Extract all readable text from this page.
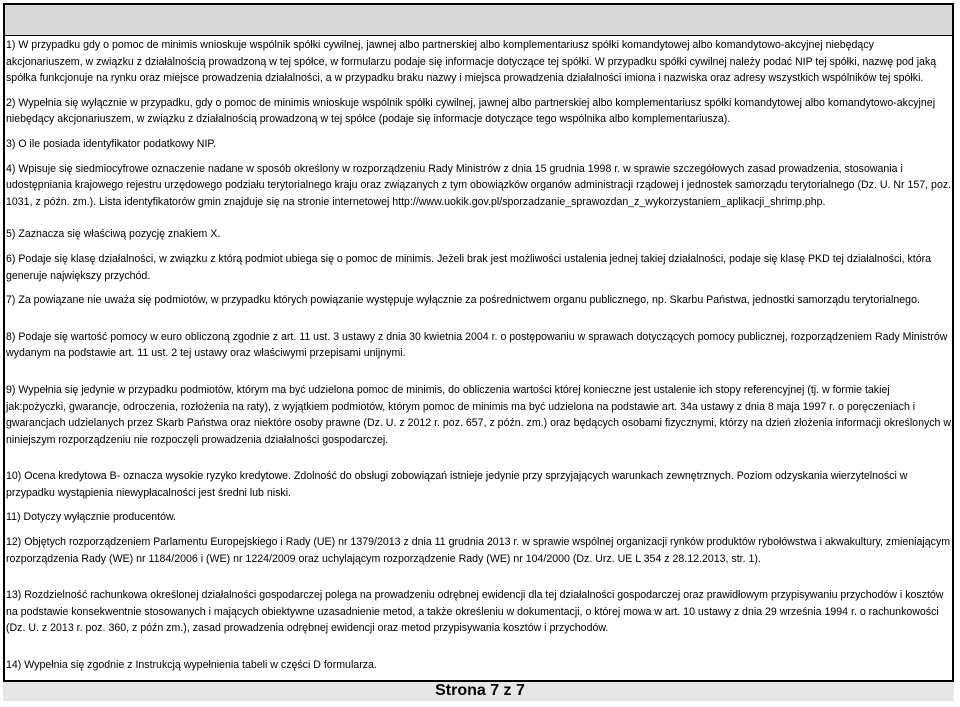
1) W przypadku gdy o pomoc de minimis wnioskuje wspólnik spółki cywilnej, jawnej albo partnerskiej albo komplementariusz spółki komandytowej albo komandytowo-akcyjnej niebędący akcjonariuszem, w związku z działalnością prowadzoną w tej spółce, w formularzu podaje się informacje dotyczące tej spółki. W przypadku spółki cywilnej należy podać NIP tej spółki, nazwę pod jaką spółka funkcjonuje na rynku oraz miejsce prowadzenia działalności, a w przypadku braku nazwy i miejsca prowadzenia działalności imiona i nazwiska oraz adresy wszystkich wspólników tej spółki.

2) Wypełnia się wyłącznie w przypadku, gdy o pomoc de minimis wnioskuje wspólnik spółki cywilnej, jawnej albo partnerskiej albo komplementariusz spółki komandytowej albo komandytowo-akcyjnej niebędący akcjonariuszem, w związku z działalnością prowadzoną w tej spółce (podaje się informacje dotyczące tego wspólnika albo komplementariusza).

3) O ile posiada identyfikator podatkowy NIP.

4) Wpisuje się siedmiocyfrowe oznaczenie nadane w sposób określony w rozporządzeniu Rady Ministrów z dnia 15 grudnia 1998 r. w sprawie szczegółowych zasad prowadzenia, stosowania i udostępniania krajowego rejestru urzędowego podziału terytorialnego kraju oraz związanych z tym obowiązków organów administracji rządowej i jednostek samorządu terytorialnego (Dz. U. Nr 157, poz. 1031, z późn. zm.). Lista identyfikatorów gmin znajduje się na stronie internetowej http://www.uokik.gov.pl/sporzadzanie_sprawozdan_z_wykorzystaniem_aplikacji_shrimp.php.

5) Zaznacza się właściwą pozycję znakiem X.

6) Podaje się klasę działalności, w związku z którą podmiot ubiega się o pomoc de minimis. Jeżeli brak jest możliwości ustalenia jednej takiej działalności, podaje się klasę PKD tej działalności, która generuje największy przychód.

7) Za powiązane nie uważa się podmiotów, w przypadku których powiązanie występuje wyłącznie za pośrednictwem organu publicznego, np. Skarbu Państwa, jednostki samorządu terytorialnego.

8) Podaje się wartość pomocy w euro obliczoną zgodnie z art. 11 ust. 3 ustawy z dnia 30 kwietnia 2004 r. o postępowaniu w sprawach dotyczących pomocy publicznej, rozporządzeniem Rady Ministrów wydanym na podstawie art. 11 ust. 2 tej ustawy oraz właściwymi przepisami unijnymi.

9) Wypełnia się jedynie w przypadku podmiotów, którym ma być udzielona pomoc de minimis, do obliczenia wartości której konieczne jest ustalenie ich stopy referencyjnej (tj. w formie takiej jak:pożyczki, gwarancje, odroczenia, rozłożenia na raty), z wyjątkiem podmiotów, którym pomoc de minimis ma być udzielona na podstawie art. 34a ustawy z dnia 8 maja 1997 r. o poręczeniach i gwarancjach udzielanych przez Skarb Państwa oraz niektóre osoby prawne (Dz. U. z 2012 r. poz. 657, z późn. zm.) oraz będących osobami fizycznymi, którzy na dzień złożenia informacji określonych w niniejszym rozporządzeniu nie rozpoczęli prowadzenia działalności gospodarczej.

10) Ocena kredytowa B- oznacza wysokie ryzyko kredytowe. Zdolność do obsługi zobowiązań istnieje jedynie przy sprzyjających warunkach zewnętrznych. Poziom odzyskania wierzytelności w przypadku wystąpienia niewypłacalności jest średni lub niski.

11) Dotyczy wyłącznie producentów.

12) Objętych rozporządzeniem Parlamentu Europejskiego i Rady (UE) nr 1379/2013 z dnia 11 grudnia 2013 r. w sprawie wspólnej organizacji rynków produktów rybołówstwa i akwakultury, zmieniającym rozporządzenia Rady (WE) nr 1184/2006 i (WE) nr 1224/2009 oraz uchylającym rozporządzenie Rady (WE) nr 104/2000 (Dz. Urz. UE L 354 z 28.12.2013, str. 1).

13) Rozdzielność rachunkowa określonej działalności gospodarczej polega na prowadzeniu odrębnej ewidencji dla tej działalności gospodarczej oraz prawidłowym przypisywaniu przychodów i kosztów na podstawie konsekwentnie stosowanych i mających obiektywne uzasadnienie metod, a także określeniu w dokumentacji, o której mowa w art. 10 ustawy z dnia 29 września 1994 r. o rachunkowości (Dz. U. z 2013 r. poz. 360, z późn zm.), zasad prowadzenia odrębnej ewidencji oraz metod przypisywania kosztów i przychodów.

14) Wypełnia się zgodnie z Instrukcją wypełnienia tabeli w części D formularza.

Strona 7 z 7
